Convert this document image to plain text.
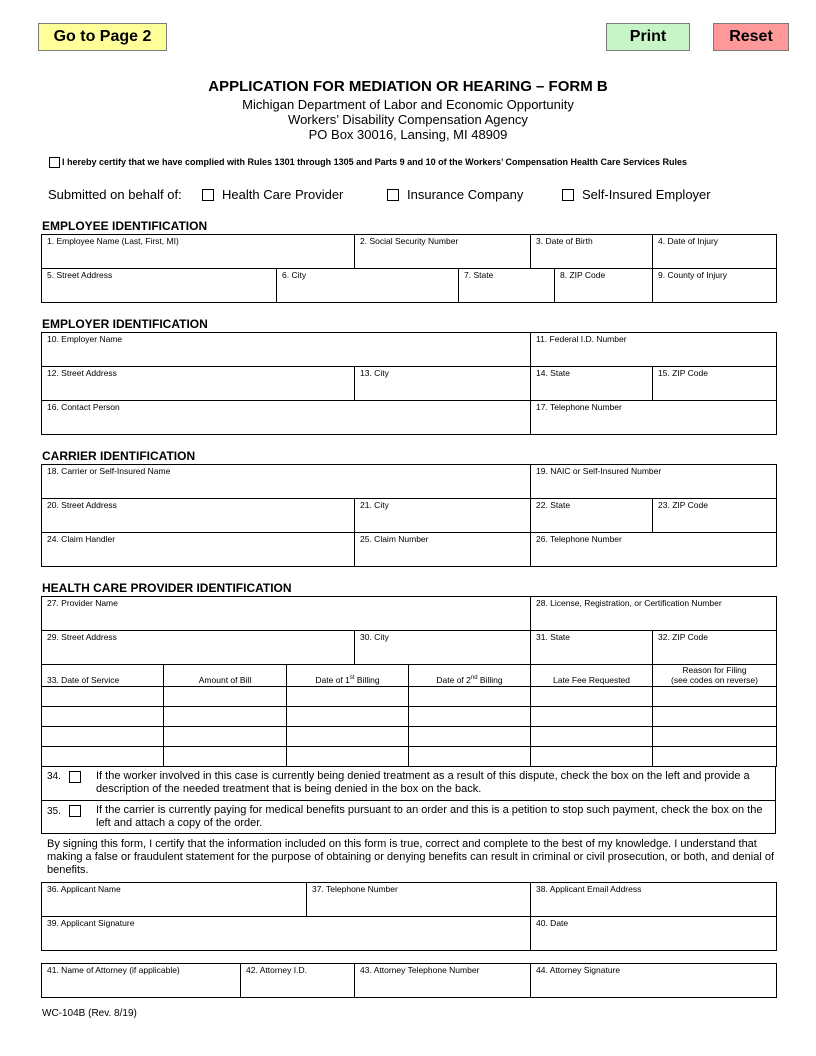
Go to Page 2	Print	Reset
APPLICATION FOR MEDIATION OR HEARING – FORM B
Michigan Department of Labor and Economic Opportunity
Workers’ Disability Compensation Agency
PO Box 30016, Lansing, MI 48909
I hereby certify that we have complied with Rules 1301 through 1305 and Parts 9 and 10 of the Workers’ Compensation Health Care Services Rules
Submitted on behalf of:	Health Care Provider	Insurance Company	Self-Insured Employer
EMPLOYEE IDENTIFICATION
1. Employee Name (Last, First, MI)		2. Social Security Number		3. Date of Birth		4. Date of Injury
5. Street Address	6. City		7. State		8. ZIP Code	9. County of Injury
EMPLOYER IDENTIFICATION
10. Employer Name		11. Federal I.D. Number	
12. Street Address	13. City	14. State	15. ZIP Code
16. Contact Person		17. Telephone Number	
CARRIER IDENTIFICATION
18. Carrier or Self-Insured Name		19. NAIC or Self-Insured Number	
20. Street Address	21. City	22. State	23. ZIP Code
24. Claim Handler	25. Claim Number	26. Telephone Number	
HEALTH CARE PROVIDER IDENTIFICATION
27. Provider Name		28. License, Registration, or Certification Number	
29. Street Address	30. City	31. State	32. ZIP Code
33. Date of Service	Amount of Bill	Date of 1st Billing	Date of 2nd Billing	Late Fee Requested	Reason for Filing
(see codes on reverse)

34.	If the worker involved in this case is currently being denied treatment as a result of this dispute, check the box on the left and provide a description of the needed treatment that is being denied in the box on the back.
35.	If the carrier is currently paying for medical benefits pursuant to an order and this is a petition to stop such payment, check the box on the left and attach a copy of the order.
By signing this form, I certify that the information included on this form is true, correct and complete to the best of my knowledge. I understand that making a false or fraudulent statement for the purpose of obtaining or denying benefits can result in criminal or civil prosecution, or both, and denial of benefits.
36. Applicant Name	37. Telephone Number	38. Applicant Email Address
39. Applicant Signature		40. Date
41. Name of Attorney (if applicable)	42. Attorney I.D.	43. Attorney Telephone Number	44. Attorney Signature
WC-104B (Rev. 8/19)
